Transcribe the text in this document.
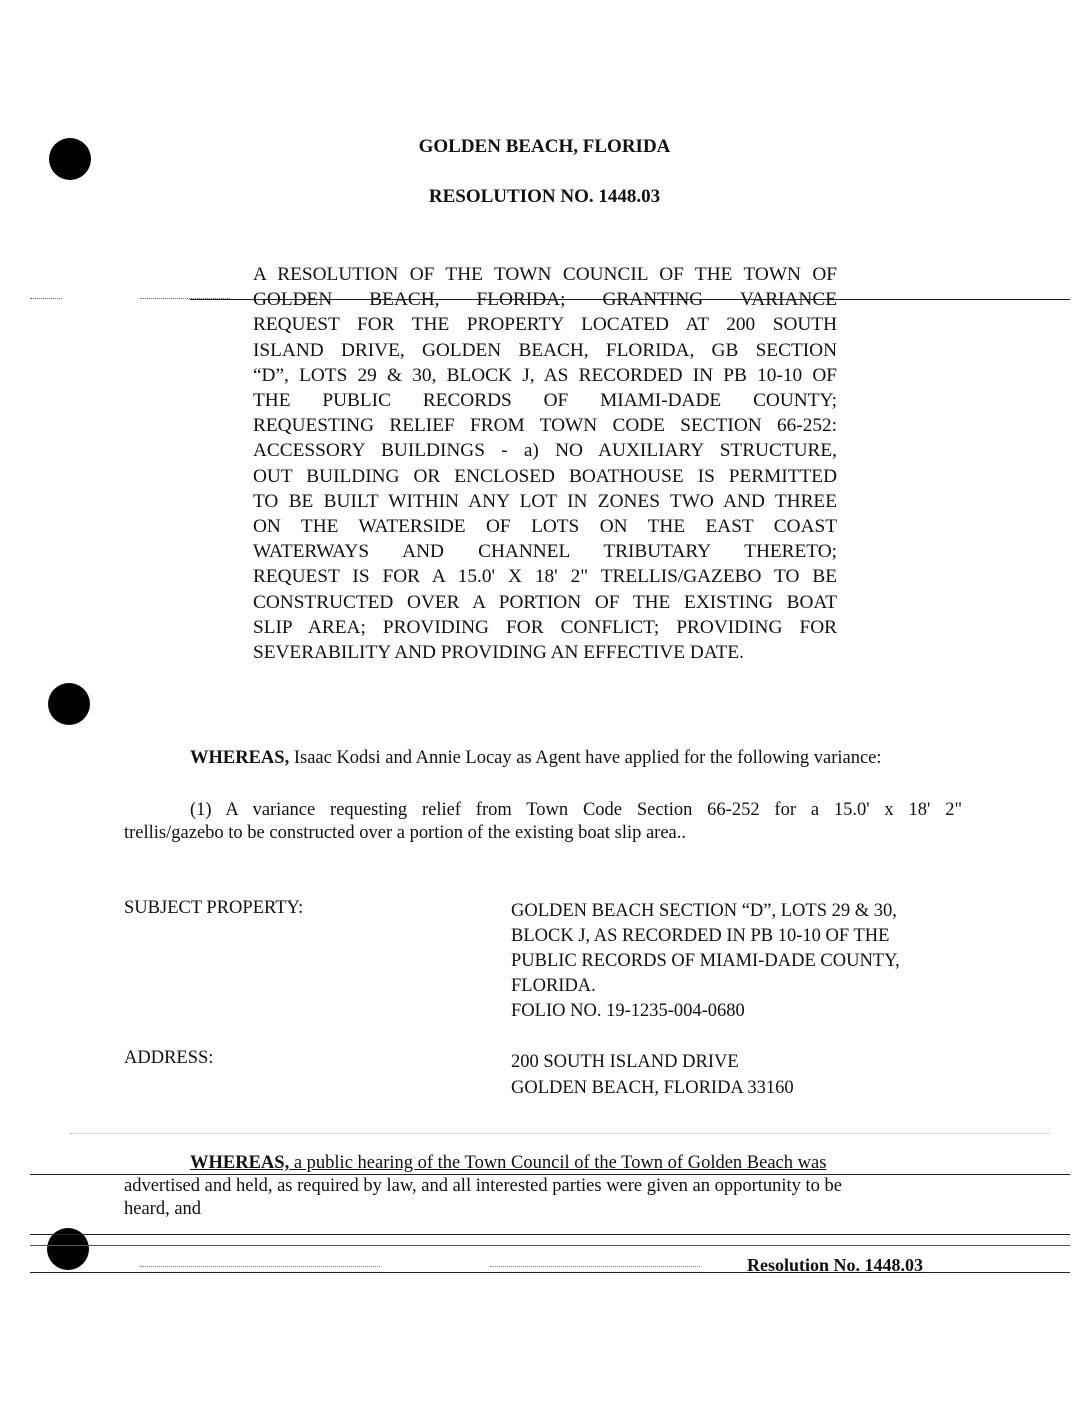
GOLDEN BEACH, FLORIDA
RESOLUTION NO. 1448.03
A RESOLUTION OF THE TOWN COUNCIL OF THE TOWN OF
GOLDEN BEACH, FLORIDA; GRANTING VARIANCE
REQUEST FOR THE PROPERTY LOCATED AT 200 SOUTH
ISLAND DRIVE, GOLDEN BEACH, FLORIDA, GB SECTION
“D”, LOTS 29 & 30, BLOCK J, AS RECORDED IN PB 10-10 OF
THE PUBLIC RECORDS OF MIAMI-DADE COUNTY;
REQUESTING RELIEF FROM TOWN CODE SECTION 66-252:
ACCESSORY BUILDINGS - a) NO AUXILIARY STRUCTURE,
OUT BUILDING OR ENCLOSED BOATHOUSE IS PERMITTED
TO BE BUILT WITHIN ANY LOT IN ZONES TWO AND THREE
ON THE WATERSIDE OF LOTS ON THE EAST COAST
WATERWAYS AND CHANNEL TRIBUTARY THERETO;
REQUEST IS FOR A 15.0' X 18' 2" TRELLIS/GAZEBO TO BE
CONSTRUCTED OVER A PORTION OF THE EXISTING BOAT
SLIP AREA; PROVIDING FOR CONFLICT; PROVIDING FOR
SEVERABILITY AND PROVIDING AN EFFECTIVE DATE.
WHEREAS, Isaac Kodsi and Annie Locay as Agent have applied for the following variance:
(1) A variance requesting relief from Town Code Section 66-252 for a 15.0' x 18' 2"
trellis/gazebo to be constructed over a portion of the existing boat slip area..
SUBJECT PROPERTY:	GOLDEN BEACH SECTION “D”, LOTS 29 & 30,
BLOCK J, AS RECORDED IN PB 10-10 OF THE
PUBLIC RECORDS OF MIAMI-DADE COUNTY,
FLORIDA.
FOLIO NO. 19-1235-004-0680
ADDRESS:	200 SOUTH ISLAND DRIVE
GOLDEN BEACH, FLORIDA 33160
WHEREAS, a public hearing of the Town Council of the Town of Golden Beach was
advertised and held, as required by law, and all interested parties were given an opportunity to be
heard, and
Resolution No. 1448.03
